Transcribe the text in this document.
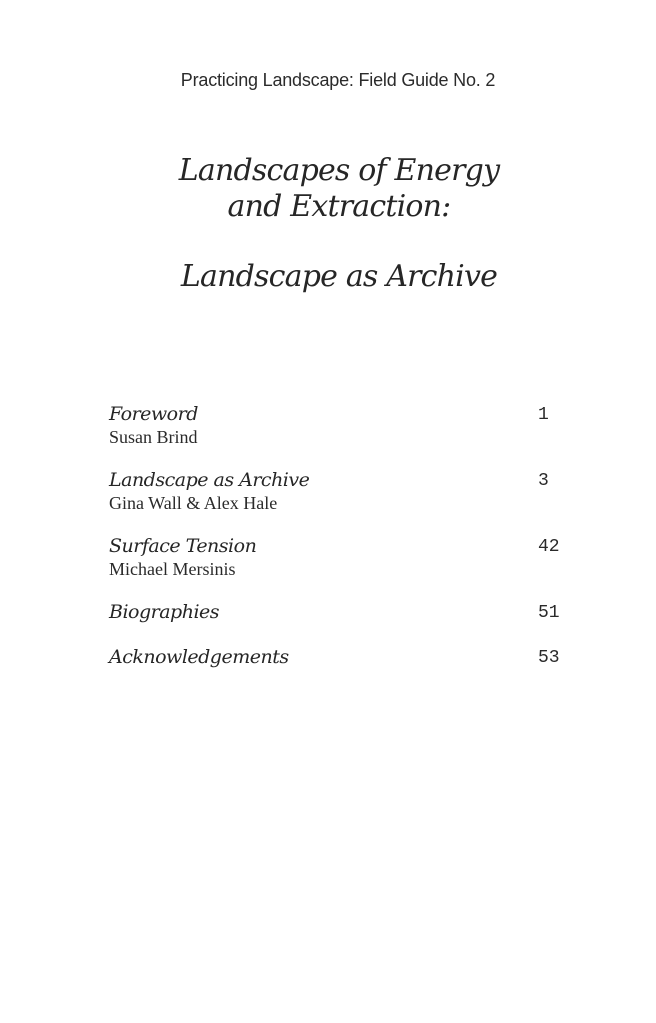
Practicing Landscape: Field Guide No. 2
Landscapes of Energy
and Extraction:
Landscape as Archive
Foreword
Susan Brind
1
Landscape as Archive
Gina Wall & Alex Hale
3
Surface Tension
Michael Mersinis
42
Biographies	51
Acknowledgements	53
